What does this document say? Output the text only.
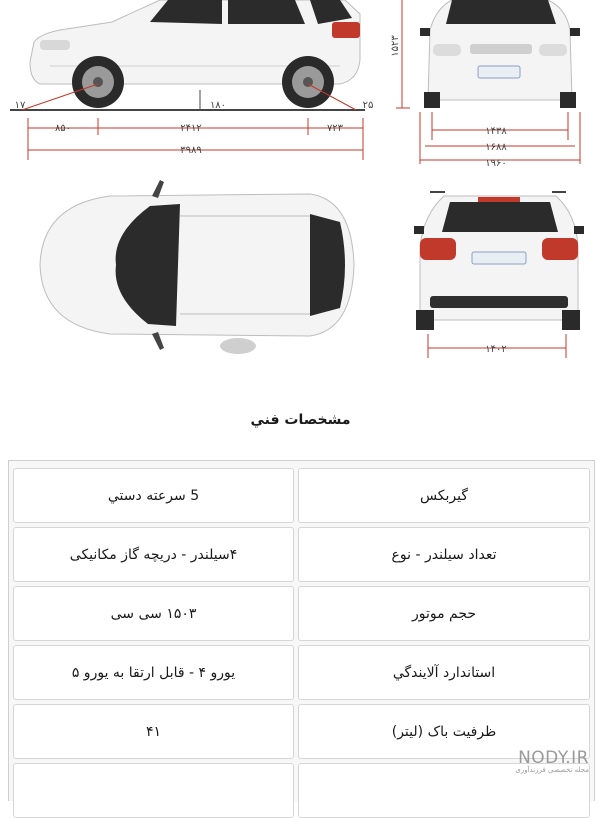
۱۷	۲۵
۱۸۰
۸۵۰	۲۴۱۲	۷۲۳
۳۹۸۹
۱۵۲۳
۱۴۳۸
۱۶۸۸
۱۹۶۰
۱۴۰۲
مشخصات فني
5 سرعته دستي	گيربکس
۴سيلندر - دريچه گاز مکانيکی	تعداد سيلندر - نوع
۱۵۰۳ سی سی	حجم موتور
يورو ۴ - قابل ارتقا به يورو ۵	استاندارد آلايندگي
۴۱	ظرفيت باک (ليتر)
NODY.IR
مجله تخصصی فرزندآوری
